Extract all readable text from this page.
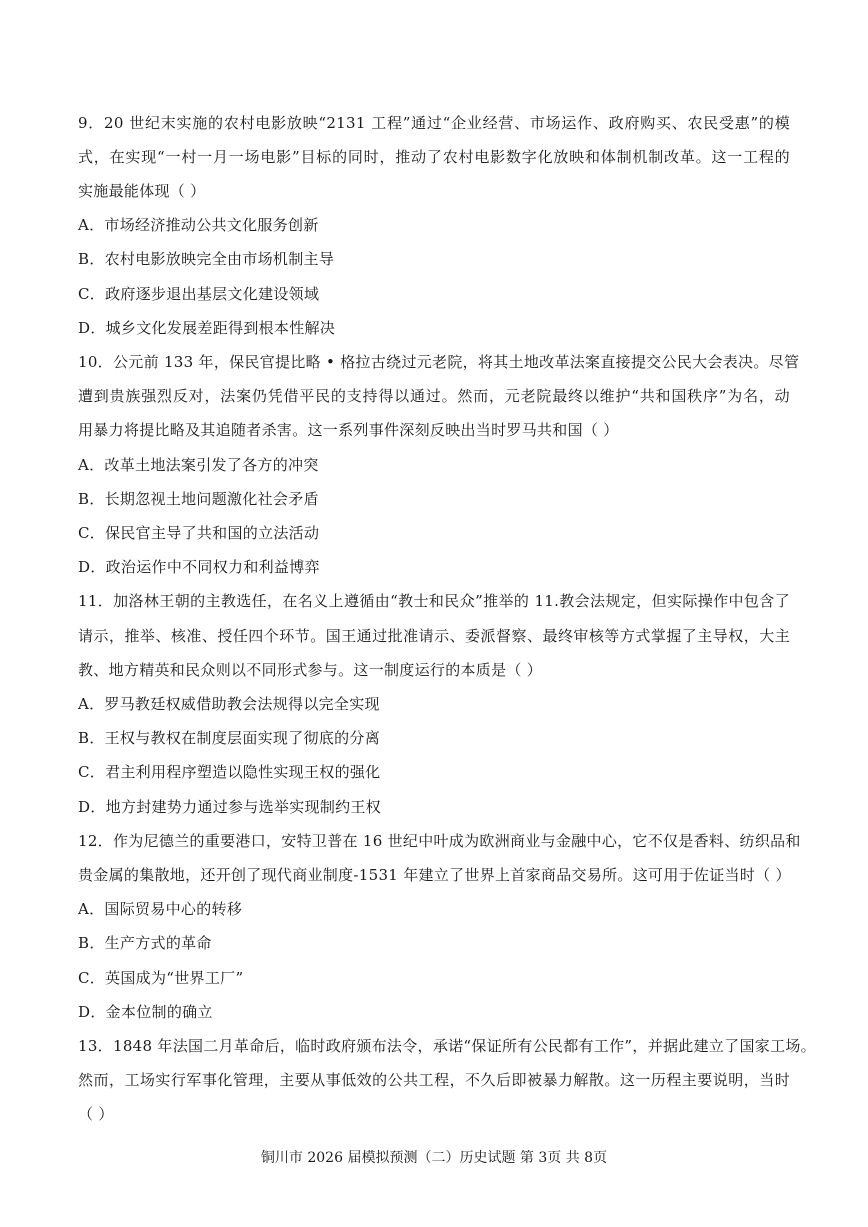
9．20 世纪末实施的农村电影放映“2131 工程”通过“企业经营、市场运作、政府购买、农民受惠”的模
式，在实现“一村一月一场电影”目标的同时，推动了农村电影数字化放映和体制机制改革。这一工程的
实施最能体现（ ）
A．市场经济推动公共文化服务创新
B．农村电影放映完全由市场机制主导
C．政府逐步退出基层文化建设领域
D．城乡文化发展差距得到根本性解决
10．公元前 133 年，保民官提比略 • 格拉古绕过元老院，将其土地改革法案直接提交公民大会表决。尽管
遭到贵族强烈反对，法案仍凭借平民的支持得以通过。然而，元老院最终以维护“共和国秩序”为名，动
用暴力将提比略及其追随者杀害。这一系列事件深刻反映出当时罗马共和国（ ）
A．改革土地法案引发了各方的冲突
B．长期忽视土地问题激化社会矛盾
C．保民官主导了共和国的立法活动
D．政治运作中不同权力和利益博弈
11．加洛林王朝的主教选任，在名义上遵循由“教士和民众”推举的 11.教会法规定，但实际操作中包含了
请示，推举、核准、授任四个环节。国王通过批准请示、委派督察、最终审核等方式掌握了主导权，大主
教、地方精英和民众则以不同形式参与。这一制度运行的本质是（ ）
A．罗马教廷权威借助教会法规得以完全实现
B．王权与教权在制度层面实现了彻底的分离
C．君主利用程序塑造以隐性实现王权的强化
D．地方封建势力通过参与选举实现制约王权
12．作为尼德兰的重要港口，安特卫普在 16 世纪中叶成为欧洲商业与金融中心，它不仅是香料、纺织品和
贵金属的集散地，还开创了现代商业制度-1531 年建立了世界上首家商品交易所。这可用于佐证当时（ ）
A．国际贸易中心的转移
B．生产方式的革命
C．英国成为“世界工厂”
D．金本位制的确立
13．1848 年法国二月革命后，临时政府颁布法令，承诺“保证所有公民都有工作”，并据此建立了国家工场。
然而，工场实行军事化管理，主要从事低效的公共工程，不久后即被暴力解散。这一历程主要说明，当时
（ ）
铜川市 2026 届模拟预测（二）历史试题 第 3页 共 8页
